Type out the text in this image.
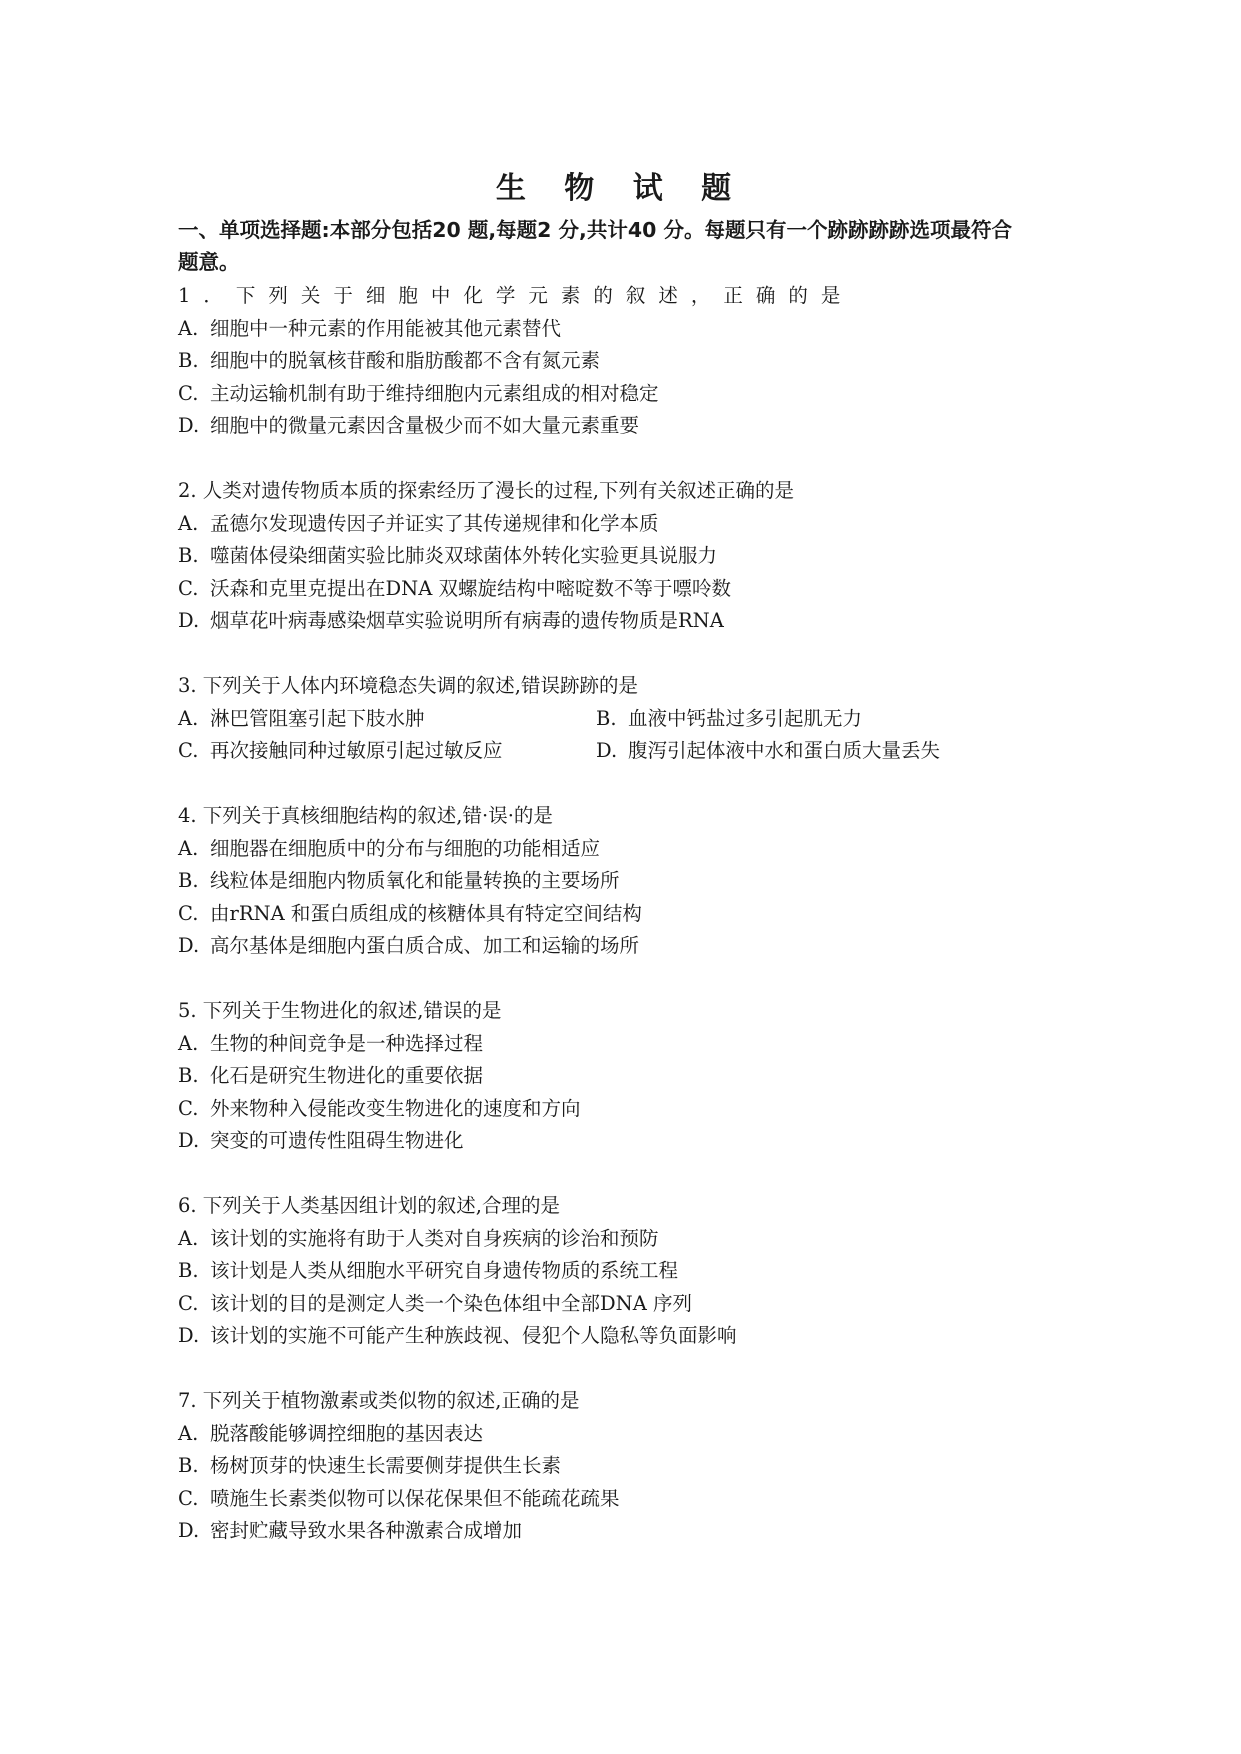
生 物 试 题
一、单项选择题:本部分包括20 题,每题2 分,共计40 分。每题只有一个跡跡跡跡选项最符合
题意。
1．下列关于细胞中化学元素的叙述，正确的是
A. 细胞中一种元素的作用能被其他元素替代
B. 细胞中的脱氧核苷酸和脂肪酸都不含有氮元素
C. 主动运输机制有助于维持细胞内元素组成的相对稳定
D. 细胞中的微量元素因含量极少而不如大量元素重要
2. 人类对遗传物质本质的探索经历了漫长的过程,下列有关叙述正确的是
A. 孟德尔发现遗传因子并证实了其传递规律和化学本质
B. 噬菌体侵染细菌实验比肺炎双球菌体外转化实验更具说服力
C. 沃森和克里克提出在DNA 双螺旋结构中嘧啶数不等于嘌呤数
D. 烟草花叶病毒感染烟草实验说明所有病毒的遗传物质是RNA
3. 下列关于人体内环境稳态失调的叙述,错误跡跡的是
A. 淋巴管阻塞引起下肢水肿	B. 血液中钙盐过多引起肌无力
C. 再次接触同种过敏原引起过敏反应	D. 腹泻引起体液中水和蛋白质大量丢失
4. 下列关于真核细胞结构的叙述,错·误·的是
A. 细胞器在细胞质中的分布与细胞的功能相适应
B. 线粒体是细胞内物质氧化和能量转换的主要场所
C. 由rRNA 和蛋白质组成的核糖体具有特定空间结构
D. 高尔基体是细胞内蛋白质合成、加工和运输的场所
5. 下列关于生物进化的叙述,错误的是
A. 生物的种间竞争是一种选择过程
B. 化石是研究生物进化的重要依据
C. 外来物种入侵能改变生物进化的速度和方向
D. 突变的可遗传性阻碍生物进化
6. 下列关于人类基因组计划的叙述,合理的是
A. 该计划的实施将有助于人类对自身疾病的诊治和预防
B. 该计划是人类从细胞水平研究自身遗传物质的系统工程
C. 该计划的目的是测定人类一个染色体组中全部DNA 序列
D. 该计划的实施不可能产生种族歧视、侵犯个人隐私等负面影响
7. 下列关于植物激素或类似物的叙述,正确的是
A. 脱落酸能够调控细胞的基因表达
B. 杨树顶芽的快速生长需要侧芽提供生长素
C. 喷施生长素类似物可以保花保果但不能疏花疏果
D. 密封贮藏导致水果各种激素合成增加
